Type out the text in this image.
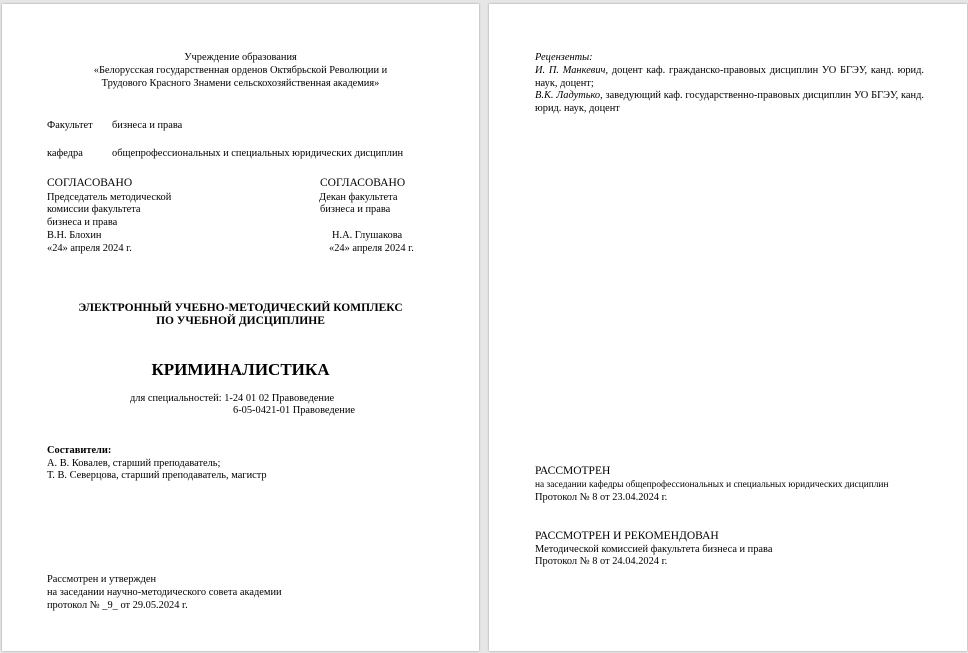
Учреждение образования
«Белорусская государственная орденов Октябрьской Революции и
Трудового Красного Знамени сельскохозяйственная академия»
Факультет бизнеса и права
кафедра	общепрофессиональных и специальных юридических дисциплин
СОГЛАСОВАНО
Председатель методической
комиссии факультета
бизнеса и права
В.Н. Блохин
«24» апреля 2024 г.
СОГЛАСОВАНО
Декан факультета
бизнеса и права
Н.А. Глушакова
«24» апреля 2024 г.
ЭЛЕКТРОННЫЙ УЧЕБНО-МЕТОДИЧЕСКИЙ КОМПЛЕКС
ПО УЧЕБНОЙ ДИСЦИПЛИНЕ
КРИМИНАЛИСТИКА
для специальностей: 1-24 01 02 Правоведение
6-05-0421-01 Правоведение
Составители:
А. В. Ковалев, старший преподаватель;
Т. В. Северцова, старший преподаватель, магистр
Рассмотрен и утвержден
на заседании научно-методического совета академии
протокол № _9_ от 29.05.2024 г.
Рецензенты:
И. П. Манкевич, доцент каф. гражданско-правовых дисциплин УО БГЭУ, канд. юрид. наук, доцент;
В.К. Ладутько, заведующий каф. государственно-правовых дисциплин УО БГЭУ, канд. юрид. наук, доцент
РАССМОТРЕН
на заседании кафедры общепрофессиональных и специальных юридических дисциплин
Протокол № 8 от 23.04.2024 г.
РАССМОТРЕН И РЕКОМЕНДОВАН
Методической комиссией факультета бизнеса и права
Протокол № 8 от 24.04.2024 г.
